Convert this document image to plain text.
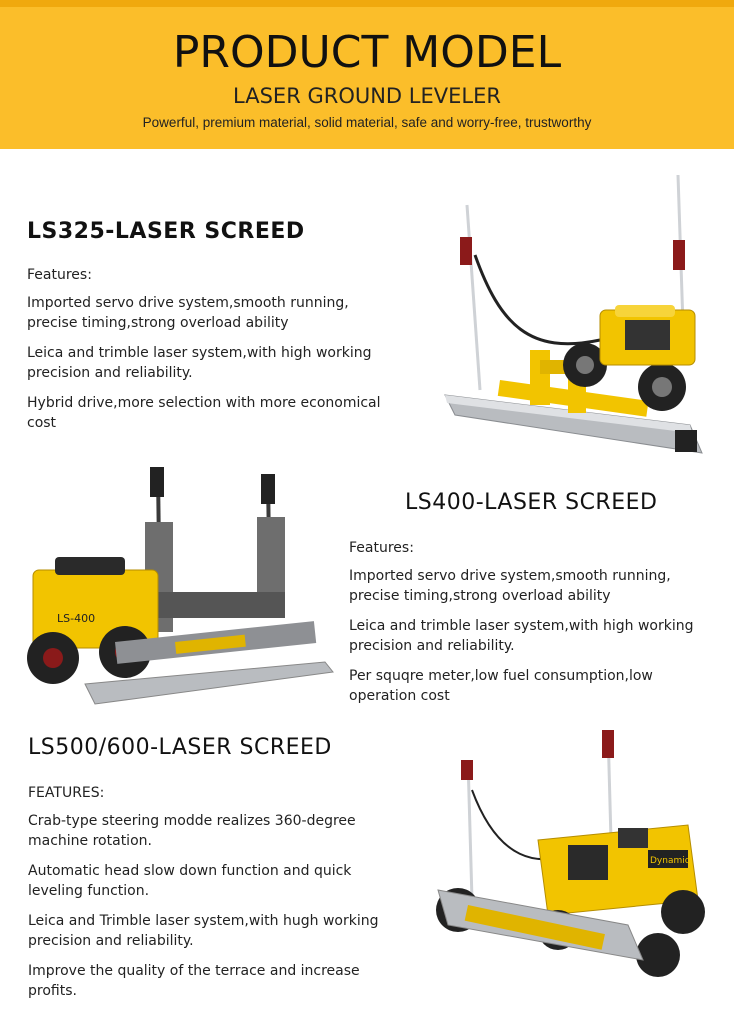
PRODUCT MODEL
LASER GROUND LEVELER
Powerful, premium material, solid material, safe and worry-free, trustworthy
LS325-LASER SCREED
Features:
Imported servo drive system,smooth running,
precise timing,strong overload ability
Leica and trimble laser system,with high working
precision and reliability.
Hybrid drive,more selection with more economical
cost
LS-400
LS400-LASER SCREED
Features:
Imported servo drive system,smooth running,
precise timing,strong overload ability
Leica and trimble laser system,with high working
precision and reliability.
Per squqre meter,low fuel consumption,low
operation cost
LS500/600-LASER SCREED
FEATURES:
Crab-type steering modde realizes 360-degree
machine rotation.
Automatic head slow down function and quick
leveling function.
Leica and Trimble laser system,with hugh working
precision and reliability.
Improve the quality of the terrace and increase
profits.
Dynamic
